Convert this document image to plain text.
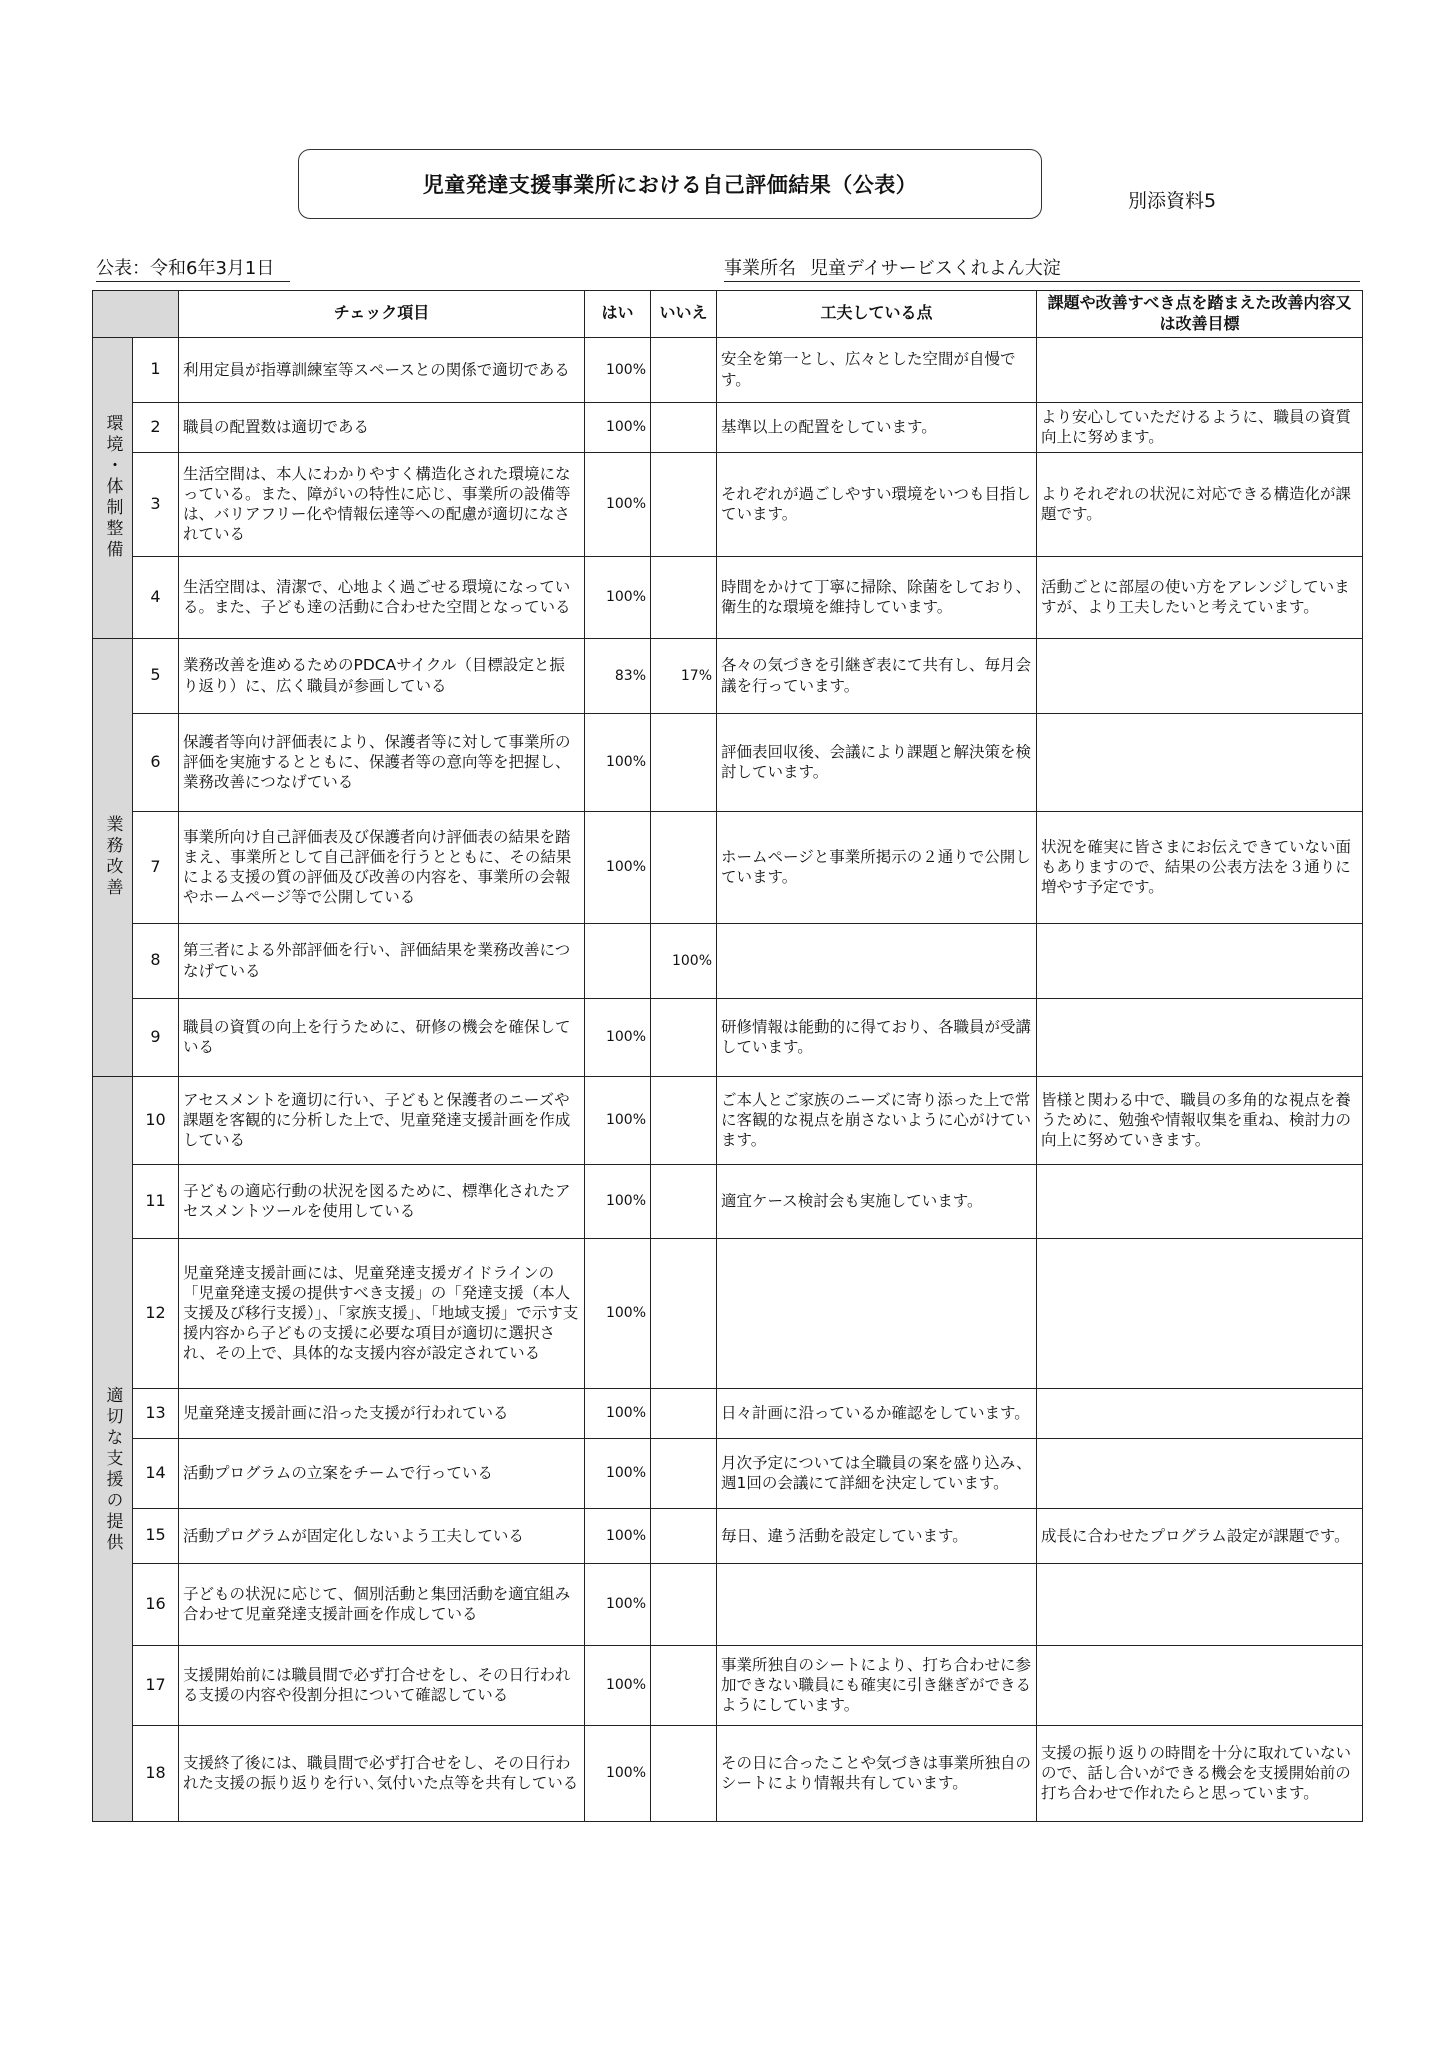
児童発達支援事業所における自己評価結果（公表）
別添資料5
公表：令和6年3月1日	事業所名 児童デイサービスくれよん大淀
		チェック項目	はい	いいえ	工夫している点	課題や改善すべき点を踏まえた改善内容又は改善目標

環境・体制整備	1	利用定員が指導訓練室等スペースとの関係で適切である	100%		安全を第一とし、広々とした空間が自慢です。	
	2	職員の配置数は適切である	100%		基準以上の配置をしています。	より安心していただけるように、職員の資質向上に努めます。
	3	生活空間は、本人にわかりやすく構造化された環境になっている。また、障がいの特性に応じ、事業所の設備等は、バリアフリー化や情報伝達等への配慮が適切になされている	100%		それぞれが過ごしやすい環境をいつも目指しています。	よりそれぞれの状況に対応できる構造化が課題です。
	4	生活空間は、清潔で、心地よく過ごせる環境になっている。また、子ども達の活動に合わせた空間となっている	100%		時間をかけて丁寧に掃除、除菌をしており、衛生的な環境を維持しています。	活動ごとに部屋の使い方をアレンジしていますが、より工夫したいと考えています。

業務改善	5	業務改善を進めるためのPDCAサイクル（目標設定と振り返り）に、広く職員が参画している	83%	17%	各々の気づきを引継ぎ表にて共有し、毎月会議を行っています。	
	6	保護者等向け評価表により、保護者等に対して事業所の評価を実施するとともに、保護者等の意向等を把握し、業務改善につなげている	100%		評価表回収後、会議により課題と解決策を検討しています。	
	7	事業所向け自己評価表及び保護者向け評価表の結果を踏まえ、事業所として自己評価を行うとともに、その結果による支援の質の評価及び改善の内容を、事業所の会報やホームページ等で公開している	100%		ホームページと事業所掲示の２通りで公開しています。	状況を確実に皆さまにお伝えできていない面もありますので、結果の公表方法を３通りに増やす予定です。
	8	第三者による外部評価を行い、評価結果を業務改善につなげている		100%		
	9	職員の資質の向上を行うために、研修の機会を確保している	100%		研修情報は能動的に得ており、各職員が受講しています。	
	10	アセスメントを適切に行い、子どもと保護者のニーズや課題を客観的に分析した上で、児童発達支援計画を作成している	100%		ご本人とご家族のニーズに寄り添った上で常に客観的な視点を崩さないように心がけています。	皆様と関わる中で、職員の多角的な視点を養うために、勉強や情報収集を重ね、検討力の向上に努めていきます。
	11	子どもの適応行動の状況を図るために、標準化されたアセスメントツールを使用している	100%		適宜ケース検討会も実施しています。	
	12	児童発達支援計画には、児童発達支援ガイドラインの「児童発達支援の提供すべき支援」の「発達支援（本人支援及び移行支援）」、「家族支援」、「地域支援」で示す支援内容から子どもの支援に必要な項目が適切に選択され、その上で、具体的な支援内容が設定されている	100%			
	13	児童発達支援計画に沿った支援が行われている	100%		日々計画に沿っているか確認をしています。	
	14	活動プログラムの立案をチームで行っている	100%		月次予定については全職員の案を盛り込み、週1回の会議にて詳細を決定しています。	
	15	活動プログラムが固定化しないよう工夫している	100%		毎日、違う活動を設定しています。	成長に合わせたプログラム設定が課題です。
	16	子どもの状況に応じて、個別活動と集団活動を適宜組み合わせて児童発達支援計画を作成している	100%			
	17	支援開始前には職員間で必ず打合せをし、その日行われる支援の内容や役割分担について確認している	100%		事業所独自のシートにより、打ち合わせに参加できない職員にも確実に引き継ぎができるようにしています。	
	18	支援終了後には、職員間で必ず打合せをし、その日行われた支援の振り返りを行い､気付いた点等を共有している	100%		その日に合ったことや気づきは事業所独自のシートにより情報共有しています。	支援の振り返りの時間を十分に取れていないので、話し合いができる機会を支援開始前の打ち合わせで作れたらと思っています。
適切な支援の提供
